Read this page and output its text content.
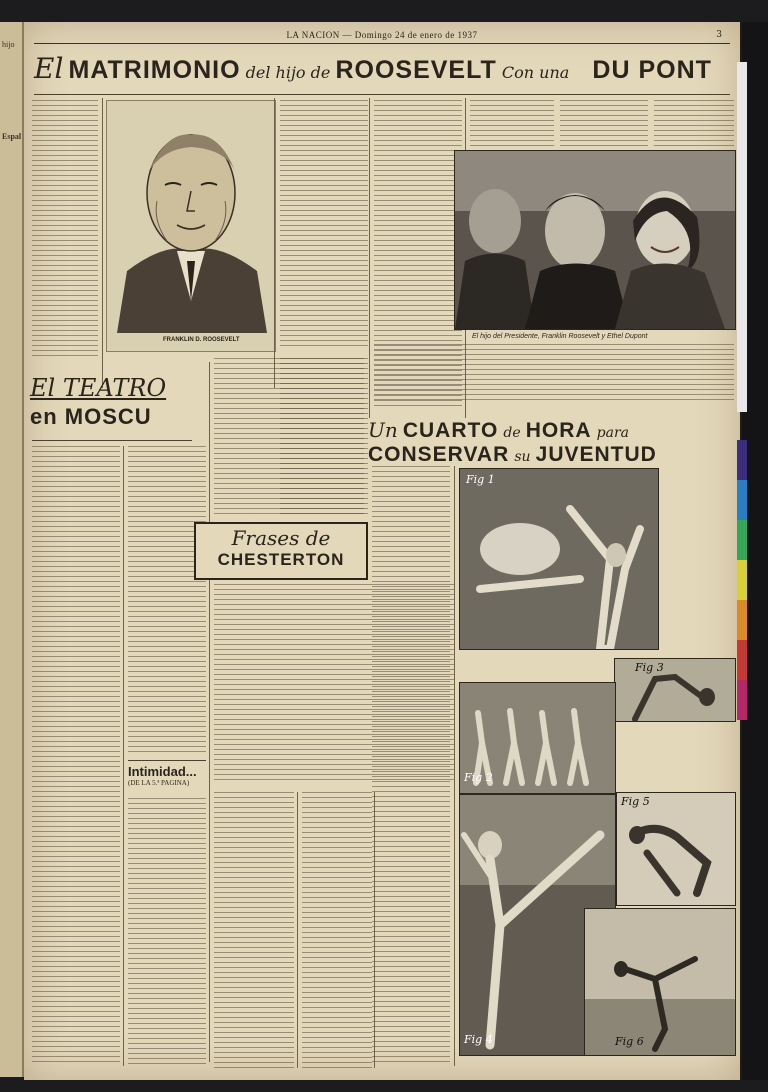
hijo
Espal
LA NACION — Domingo 24 de enero de 1937	3
El MATRIMONIO del hijo de ROOSEVELT Con una DU PONT
FRANKLIN D. ROOSEVELT	El hijo del Presidente, Franklin Roosevelt y Ethel Dupont
El TEATRO
en MOSCU
Frases de
CHESTERTON
Intimidad...
(DE LA 5.ª PAGINA)
Un CUARTO de HORA para
CONSERVAR su JUVENTUD
Fig 1
Fig 3
Fig 2
Fig 5
Fig 4	Fig 6
